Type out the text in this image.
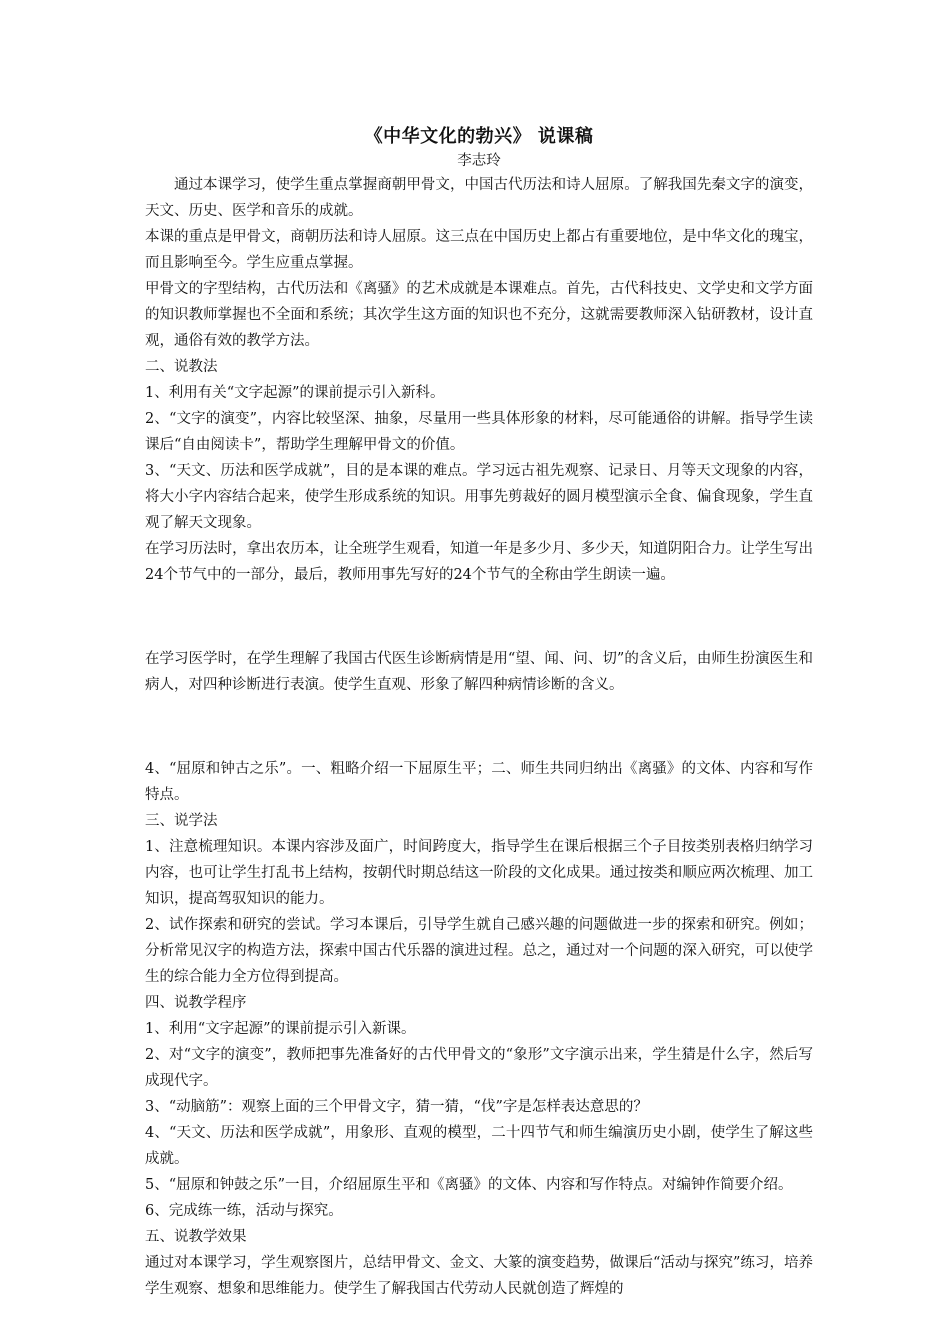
《中华文化的勃兴》 说课稿

李志玲

通过本课学习，使学生重点掌握商朝甲骨文，中国古代历法和诗人屈原。了解我国先秦文字的演变，天文、历史、医学和音乐的成就。

本课的重点是甲骨文，商朝历法和诗人屈原。这三点在中国历史上都占有重要地位，是中华文化的瑰宝，而且影响至今。学生应重点掌握。

甲骨文的字型结构，古代历法和《离骚》的艺术成就是本课难点。首先，古代科技史、文学史和文学方面的知识教师掌握也不全面和系统；其次学生这方面的知识也不充分，这就需要教师深入钻研教材，设计直观，通俗有效的教学方法。

二、说教法

1、利用有关“文字起源”的课前提示引入新科。

2、“文字的演变”，内容比较坚深、抽象，尽量用一些具体形象的材料，尽可能通俗的讲解。指导学生读课后“自由阅读卡”，帮助学生理解甲骨文的价值。

3、“天文、历法和医学成就”，目的是本课的难点。学习远古祖先观察、记录日、月等天文现象的内容，将大小字内容结合起来，使学生形成系统的知识。用事先剪裁好的圆月模型演示全食、偏食现象，学生直观了解天文现象。

在学习历法时，拿出农历本，让全班学生观看，知道一年是多少月、多少天，知道阴阳合力。让学生写出24个节气中的一部分，最后，教师用事先写好的24个节气的全称由学生朗读一遍。

在学习医学时，在学生理解了我国古代医生诊断病情是用“望、闻、问、切”的含义后，由师生扮演医生和病人，对四种诊断进行表演。使学生直观、形象了解四种病情诊断的含义。

4、“屈原和钟古之乐”。一、粗略介绍一下屈原生平；二、师生共同归纳出《离骚》的文体、内容和写作特点。

三、说学法

1、注意梳理知识。本课内容涉及面广，时间跨度大，指导学生在课后根据三个子目按类别表格归纳学习内容，也可让学生打乱书上结构，按朝代时期总结这一阶段的文化成果。通过按类和顺应两次梳理、加工知识，提高驾驭知识的能力。

2、试作探索和研究的尝试。学习本课后，引导学生就自己感兴趣的问题做进一步的探索和研究。例如；分析常见汉字的构造方法，探索中国古代乐器的演进过程。总之，通过对一个问题的深入研究，可以使学生的综合能力全方位得到提高。

四、说教学程序

1、利用“文字起源”的课前提示引入新课。

2、对“文字的演变”，教师把事先准备好的古代甲骨文的“象形”文字演示出来，学生猜是什么字，然后写成现代字。

3、“动脑筋”：观察上面的三个甲骨文字，猜一猜，“伐”字是怎样表达意思的？

4、“天文、历法和医学成就”，用象形、直观的模型，二十四节气和师生编演历史小剧，使学生了解这些成就。

5、“屈原和钟鼓之乐”一目，介绍屈原生平和《离骚》的文体、内容和写作特点。对编钟作简要介绍。

6、完成练一练，活动与探究。

五、说教学效果

通过对本课学习，学生观察图片，总结甲骨文、金文、大篆的演变趋势，做课后“活动与探究”练习，培养学生观察、想象和思维能力。使学生了解我国古代劳动人民就创造了辉煌的
